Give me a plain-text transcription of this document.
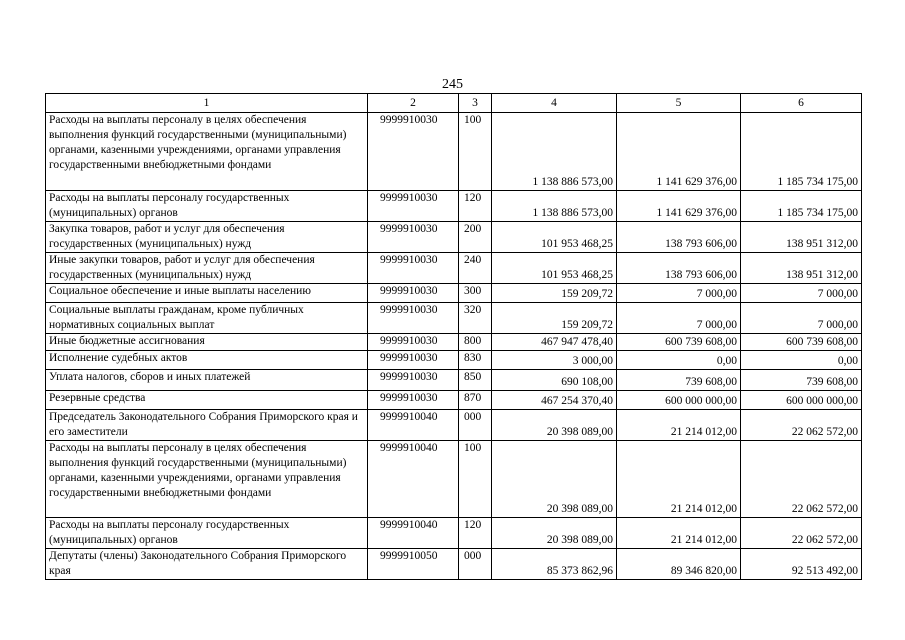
245
1	2	3	4	5	6
Расходы на выплаты персоналу в целях обеспечения выполнения функций государственными (муниципальными) органами, казенными учреждениями, органами управления государственными внебюджетными фондами	9999910030	100	1 138 886 573,00	1 141 629 376,00	1 185 734 175,00
Расходы на выплаты персоналу государственных (муниципальных) органов	9999910030	120	1 138 886 573,00	1 141 629 376,00	1 185 734 175,00
Закупка товаров, работ и услуг для обеспечения государственных (муниципальных) нужд	9999910030	200	101 953 468,25	138 793 606,00	138 951 312,00
Иные закупки товаров, работ и услуг для обеспечения государственных (муниципальных) нужд	9999910030	240	101 953 468,25	138 793 606,00	138 951 312,00
Социальное обеспечение и иные выплаты населению	9999910030	300	159 209,72	7 000,00	7 000,00
Социальные выплаты гражданам, кроме публичных нормативных социальных выплат	9999910030	320	159 209,72	7 000,00	7 000,00
Иные бюджетные ассигнования	9999910030	800	467 947 478,40	600 739 608,00	600 739 608,00
Исполнение судебных актов	9999910030	830	3 000,00	0,00	0,00
Уплата налогов, сборов и иных платежей	9999910030	850	690 108,00	739 608,00	739 608,00
Резервные средства	9999910030	870	467 254 370,40	600 000 000,00	600 000 000,00
Председатель Законодательного Собрания Приморского края и его заместители	9999910040	000	20 398 089,00	21 214 012,00	22 062 572,00
Расходы на выплаты персоналу в целях обеспечения выполнения функций государственными (муниципальными) органами, казенными учреждениями, органами управления государственными внебюджетными фондами	9999910040	100	20 398 089,00	21 214 012,00	22 062 572,00
Расходы на выплаты персоналу государственных (муниципальных) органов	9999910040	120	20 398 089,00	21 214 012,00	22 062 572,00
Депутаты (члены) Законодательного Собрания Приморского края	9999910050	000	85 373 862,96	89 346 820,00	92 513 492,00
